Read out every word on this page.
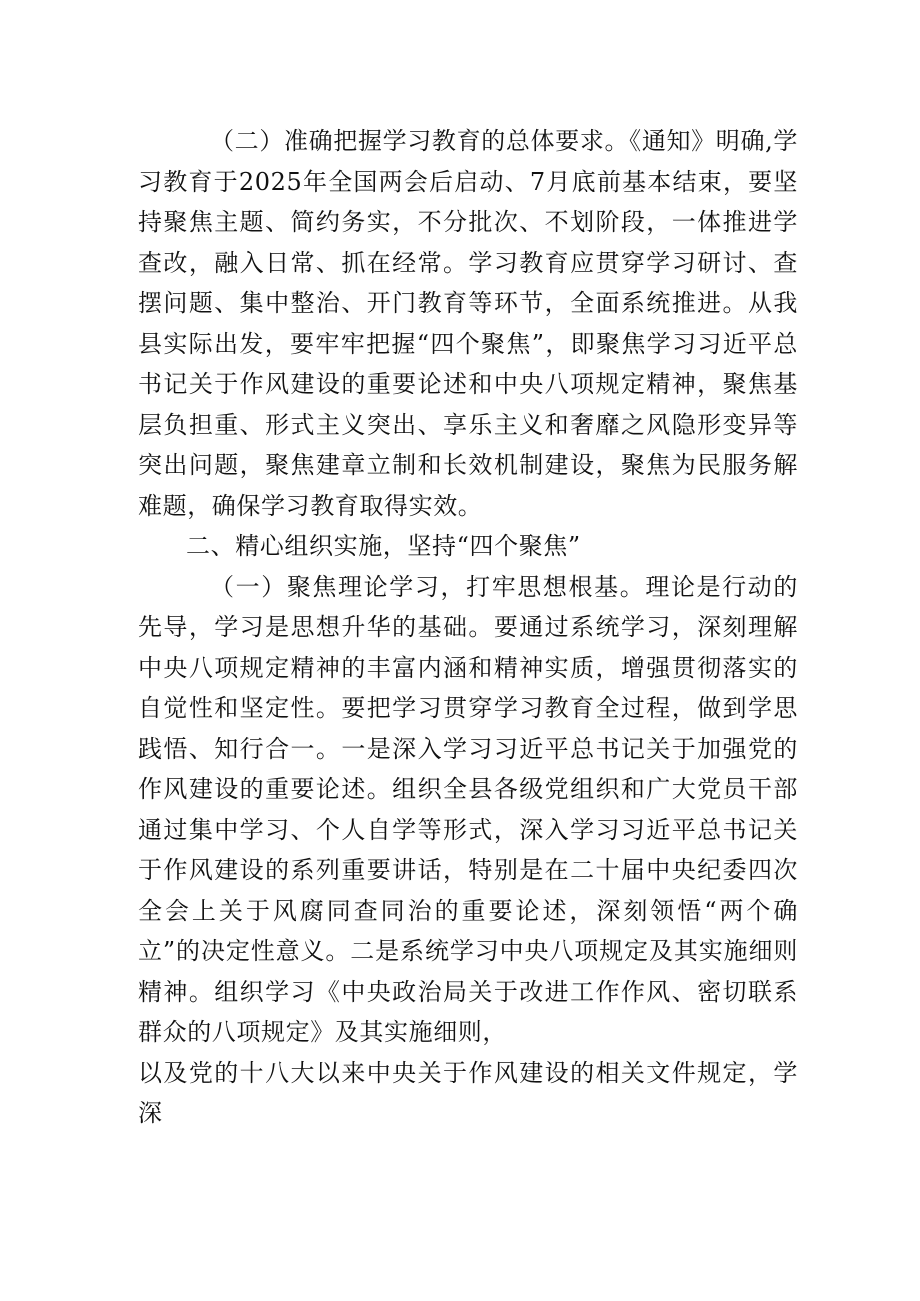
（二）准确把握学习教育的总体要求。《通知》明确,学习教育于2025年全国两会后启动、7月底前基本结束，要坚持聚焦主题、简约务实，不分批次、不划阶段，一体推进学查改，融入日常、抓在经常。学习教育应贯穿学习研讨、查摆问题、集中整治、开门教育等环节，全面系统推进。从我县实际出发，要牢牢把握“四个聚焦”，即聚焦学习习近平总书记关于作风建设的重要论述和中央八项规定精神，聚焦基层负担重、形式主义突出、享乐主义和奢靡之风隐形变异等突出问题，聚焦建章立制和长效机制建设，聚焦为民服务解难题，确保学习教育取得实效。

二、精心组织实施，坚持“四个聚焦”

（一）聚焦理论学习，打牢思想根基。理论是行动的先导，学习是思想升华的基础。要通过系统学习，深刻理解中央八项规定精神的丰富内涵和精神实质，增强贯彻落实的自觉性和坚定性。要把学习贯穿学习教育全过程，做到学思践悟、知行合一。一是深入学习习近平总书记关于加强党的作风建设的重要论述。组织全县各级党组织和广大党员干部通过集中学习、个人自学等形式，深入学习习近平总书记关于作风建设的系列重要讲话，特别是在二十届中央纪委四次全会上关于风腐同查同治的重要论述，深刻领悟“两个确立”的决定性意义。二是系统学习中央八项规定及其实施细则精神。组织学习《中央政治局关于改进工作作风、密切联系群众的八项规定》及其实施细则，

以及党的十八大以来中央关于作风建设的相关文件规定，学深
